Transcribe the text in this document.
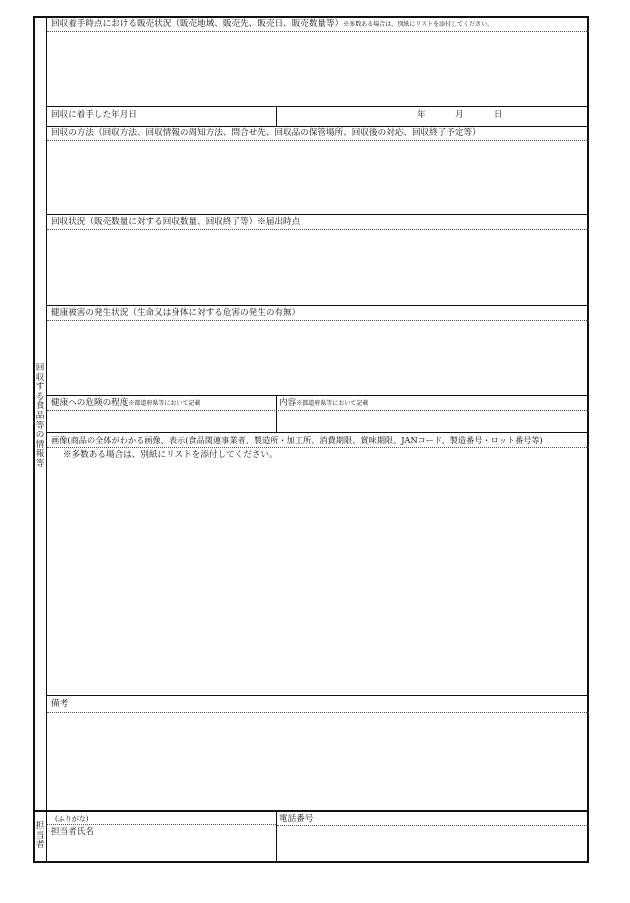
回収する食品等の情報等
担当者
回収着手時点における販売状況（販売地域、販売先、販売日、販売数量等）※多数ある場合は、別紙にリストを添付してください。
回収に着手した年月日	年	月	日
回収の方法（回収方法、回収情報の周知方法、問合せ先、回収品の保管場所、回収後の対応、回収終了予定等）
回収状況（販売数量に対する回収数量、回収終了等）※届出時点
健康被害の発生状況（生命又は身体に対する危害の発生の有無）
健康への危険の程度※都道府県等において記載	内容※都道府県等において記載
画像(商品の全体がわかる画像、表示(食品関連事業者、製造所・加工所、消費期限、賞味期限、JANコード、製造番号・ロット番号等)
※多数ある場合は、別紙にリストを添付してください。
備考
(ふりがな)
担当者氏名
電話番号
